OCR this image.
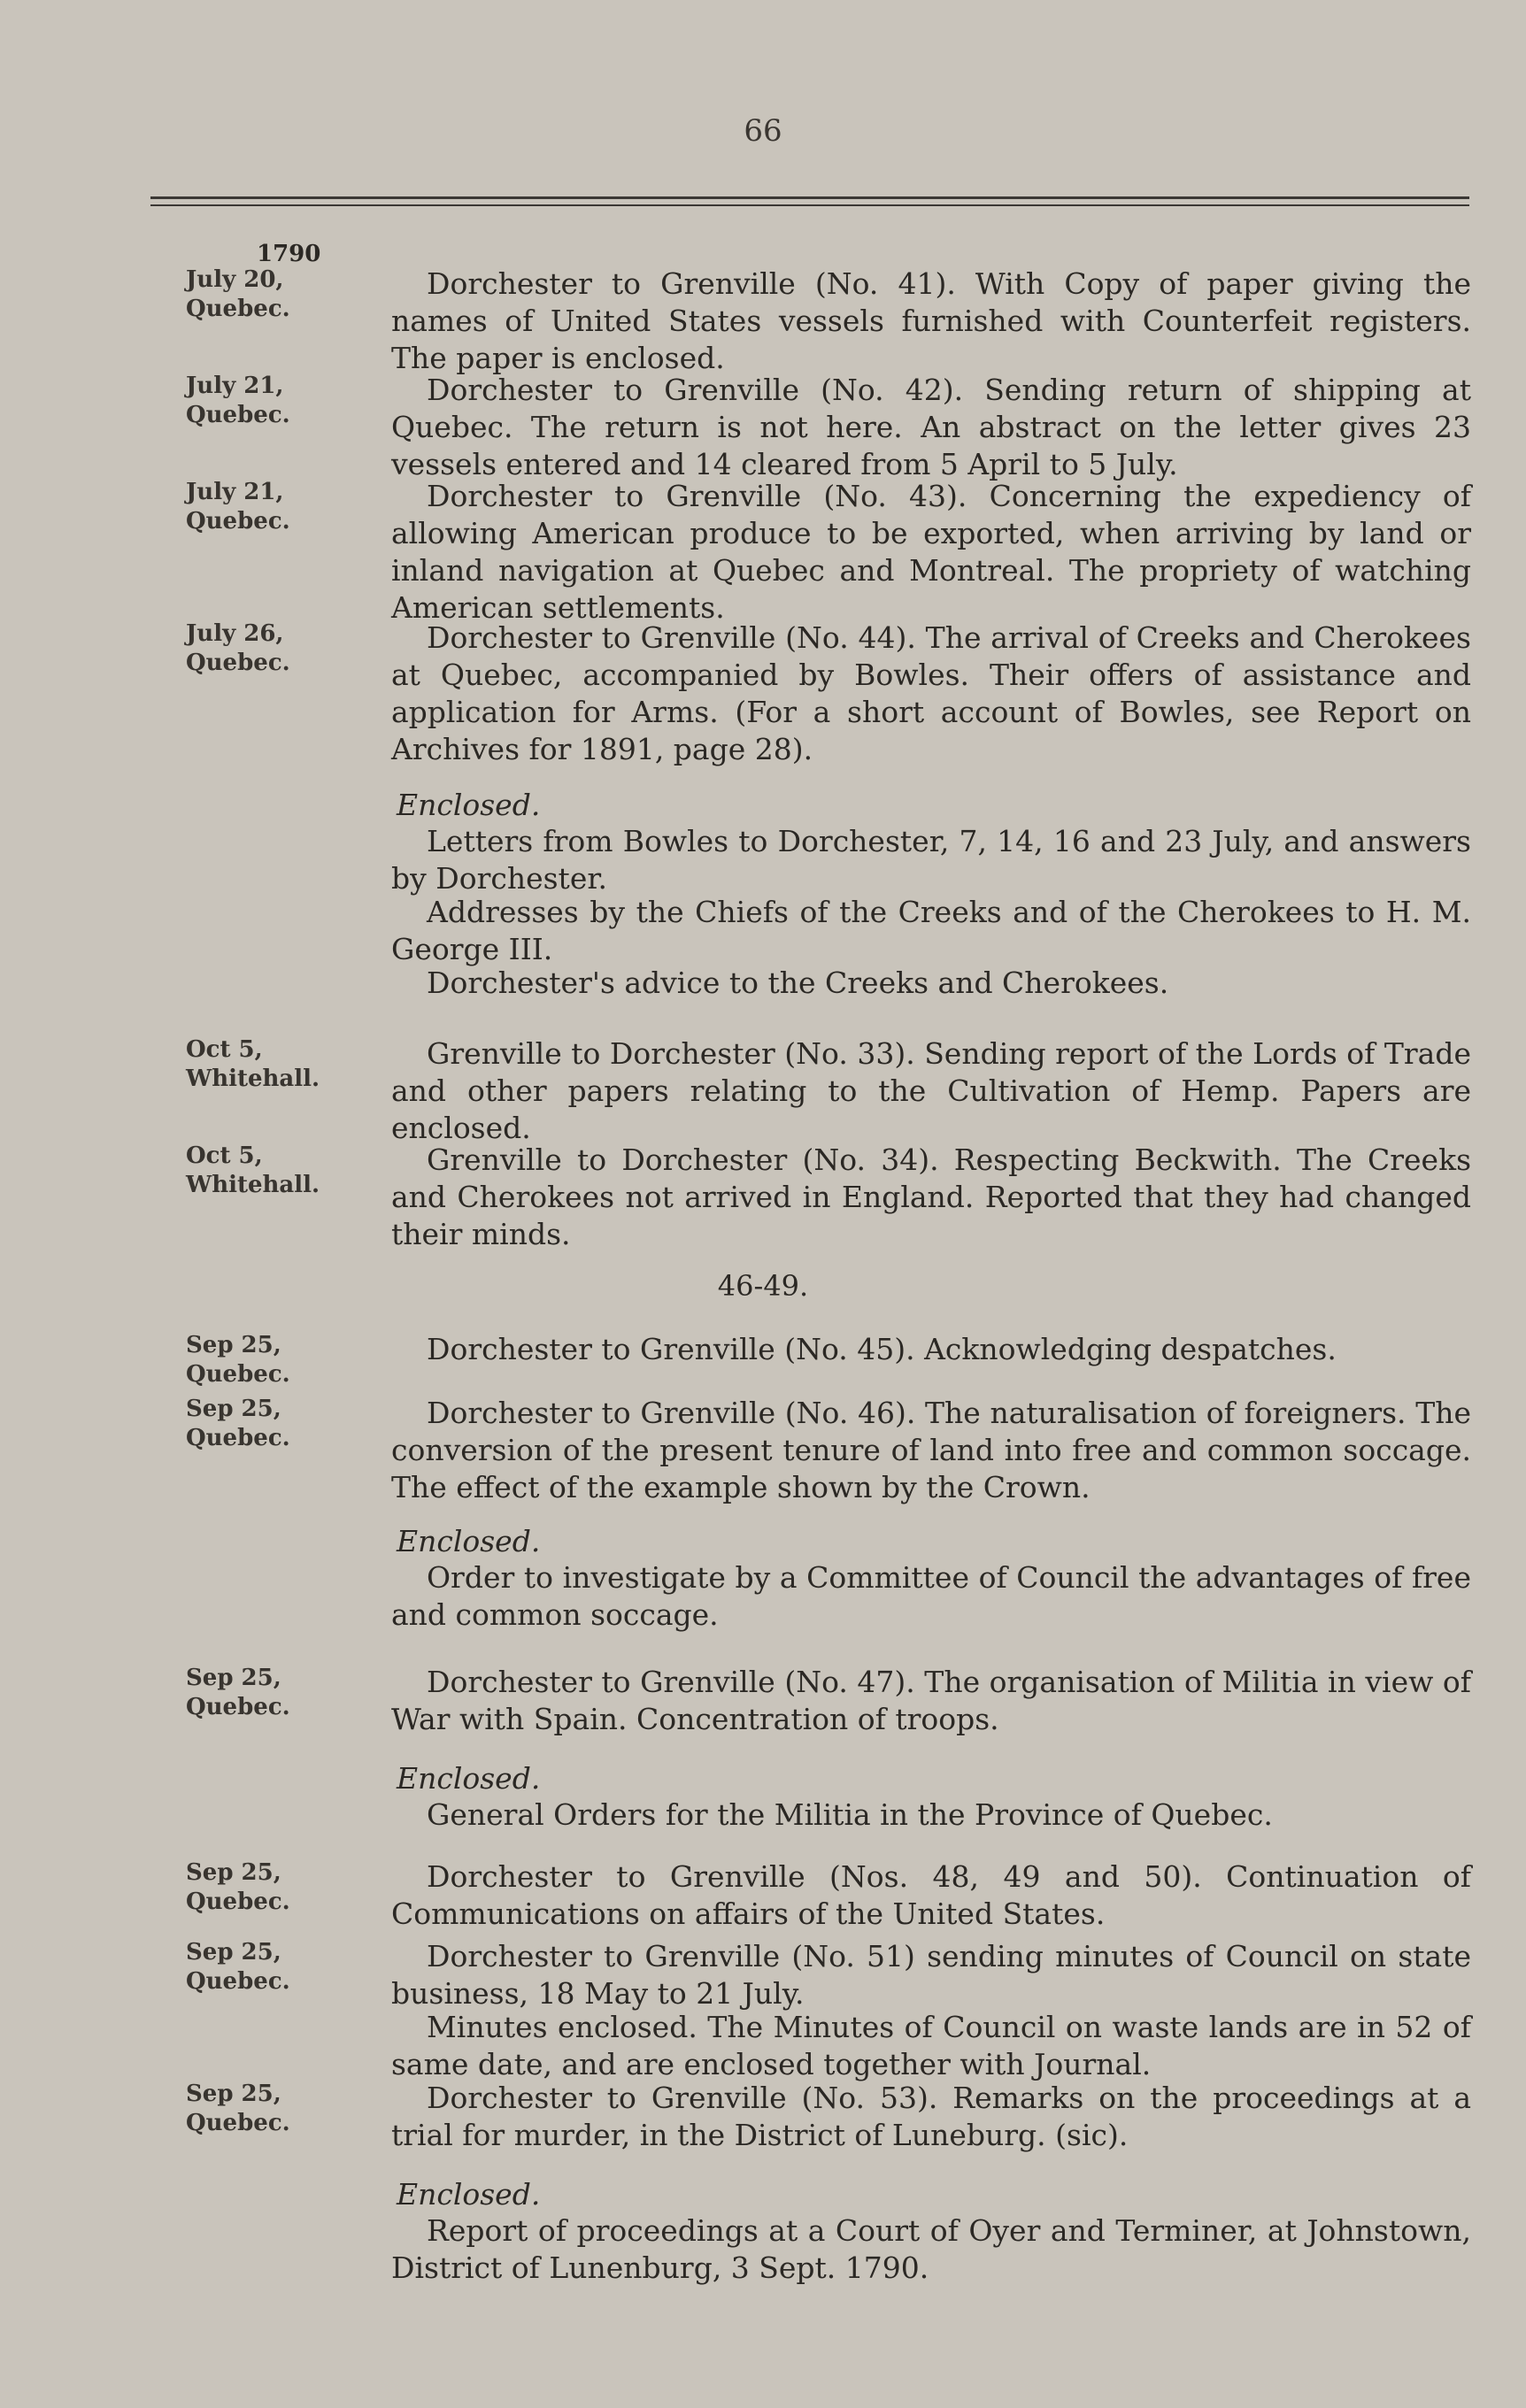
66
1790
July 20,
Quebec.
Dorchester to Grenville (No. 41). With Copy of paper giving the names of United States vessels furnished with Counterfeit registers. The paper is enclosed.
July 21,
Quebec.
Dorchester to Grenville (No. 42). Sending return of shipping at Quebec. The return is not here. An abstract on the letter gives 23 vessels entered and 14 cleared from 5 April to 5 July.
July 21,
Quebec.
Dorchester to Grenville (No. 43). Concerning the expediency of allowing American produce to be exported, when arriving by land or inland navigation at Quebec and Montreal. The propriety of watching American settlements.
July 26,
Quebec.
Dorchester to Grenville (No. 44). The arrival of Creeks and Cherokees at Quebec, accompanied by Bowles. Their offers of assistance and application for Arms. (For a short account of Bowles, see Report on Archives for 1891, page 28).
Enclosed.
Letters from Bowles to Dorchester, 7, 14, 16 and 23 July, and answers by Dorchester.
Addresses by the Chiefs of the Creeks and of the Cherokees to H. M. George III.
Dorchester's advice to the Creeks and Cherokees.
Oct 5,
Whitehall.
Grenville to Dorchester (No. 33). Sending report of the Lords of Trade and other papers relating to the Cultivation of Hemp. Papers are enclosed.
Oct 5,
Whitehall.
Grenville to Dorchester (No. 34). Respecting Beckwith. The Creeks and Cherokees not arrived in England. Reported that they had changed their minds.
46-49.
Sep 25,
Quebec.
Dorchester to Grenville (No. 45). Acknowledging despatches.
Sep 25,
Quebec.
Dorchester to Grenville (No. 46). The naturalisation of foreigners. The conversion of the present tenure of land into free and common soccage. The effect of the example shown by the Crown.
Enclosed.
Order to investigate by a Committee of Council the advantages of free and common soccage.
Sep 25,
Quebec.
Dorchester to Grenville (No. 47). The organisation of Militia in view of War with Spain. Concentration of troops.
Enclosed.
General Orders for the Militia in the Province of Quebec.
Sep 25,
Quebec.
Dorchester to Grenville (Nos. 48, 49 and 50). Continuation of Communications on affairs of the United States.
Sep 25,
Quebec.
Dorchester to Grenville (No. 51) sending minutes of Council on state business, 18 May to 21 July.
Minutes enclosed. The Minutes of Council on waste lands are in 52 of same date, and are enclosed together with Journal.
Sep 25,
Quebec.
Dorchester to Grenville (No. 53). Remarks on the proceedings at a trial for murder, in the District of Luneburg. (sic).
Enclosed.
Report of proceedings at a Court of Oyer and Terminer, at Johnstown, District of Lunenburg, 3 Sept. 1790.
